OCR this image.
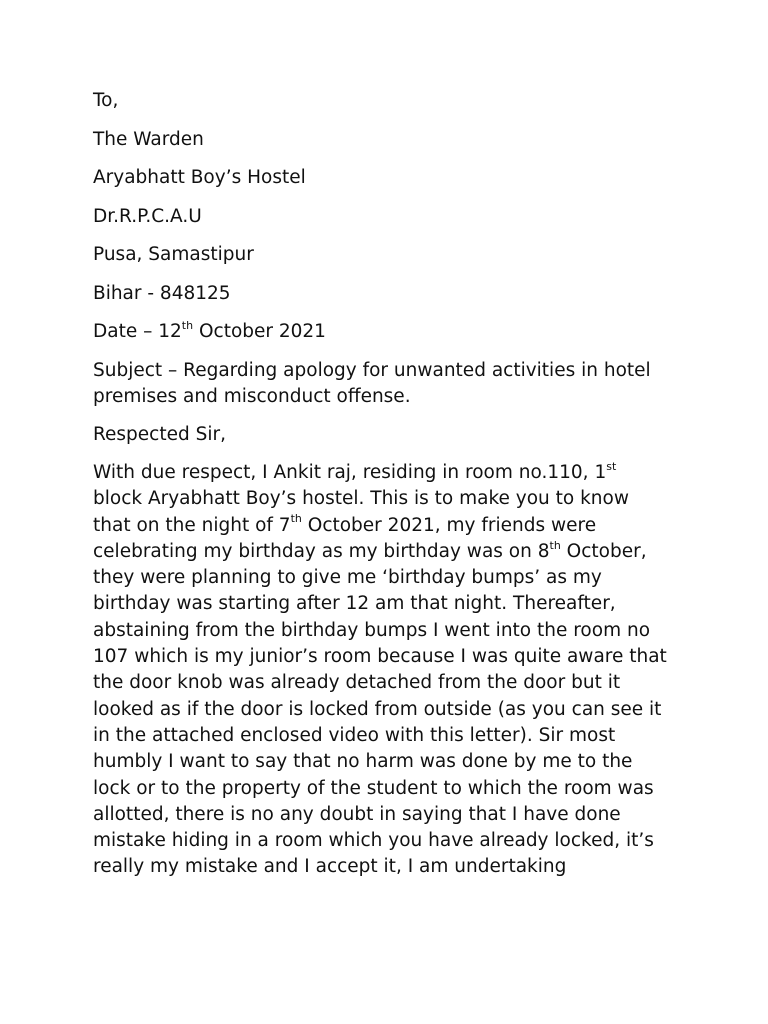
To,
The Warden
Aryabhatt Boy’s Hostel
Dr.R.P.C.A.U
Pusa, Samastipur
Bihar - 848125
Date – 12th October 2021
Subject – Regarding apology for unwanted activities in hotel
premises and misconduct offense.
Respected Sir,
With due respect, I Ankit raj, residing in room no.110, 1st
block Aryabhatt Boy’s hostel. This is to make you to know
that on the night of 7th October 2021, my friends were
celebrating my birthday as my birthday was on 8th October,
they were planning to give me ‘birthday bumps’ as my
birthday was starting after 12 am that night. Thereafter,
abstaining from the birthday bumps I went into the room no
107 which is my junior’s room because I was quite aware that
the door knob was already detached from the door but it
looked as if the door is locked from outside (as you can see it
in the attached enclosed video with this letter). Sir most
humbly I want to say that no harm was done by me to the
lock or to the property of the student to which the room was
allotted, there is no any doubt in saying that I have done
mistake hiding in a room which you have already locked, it’s
really my mistake and I accept it, I am undertaking
